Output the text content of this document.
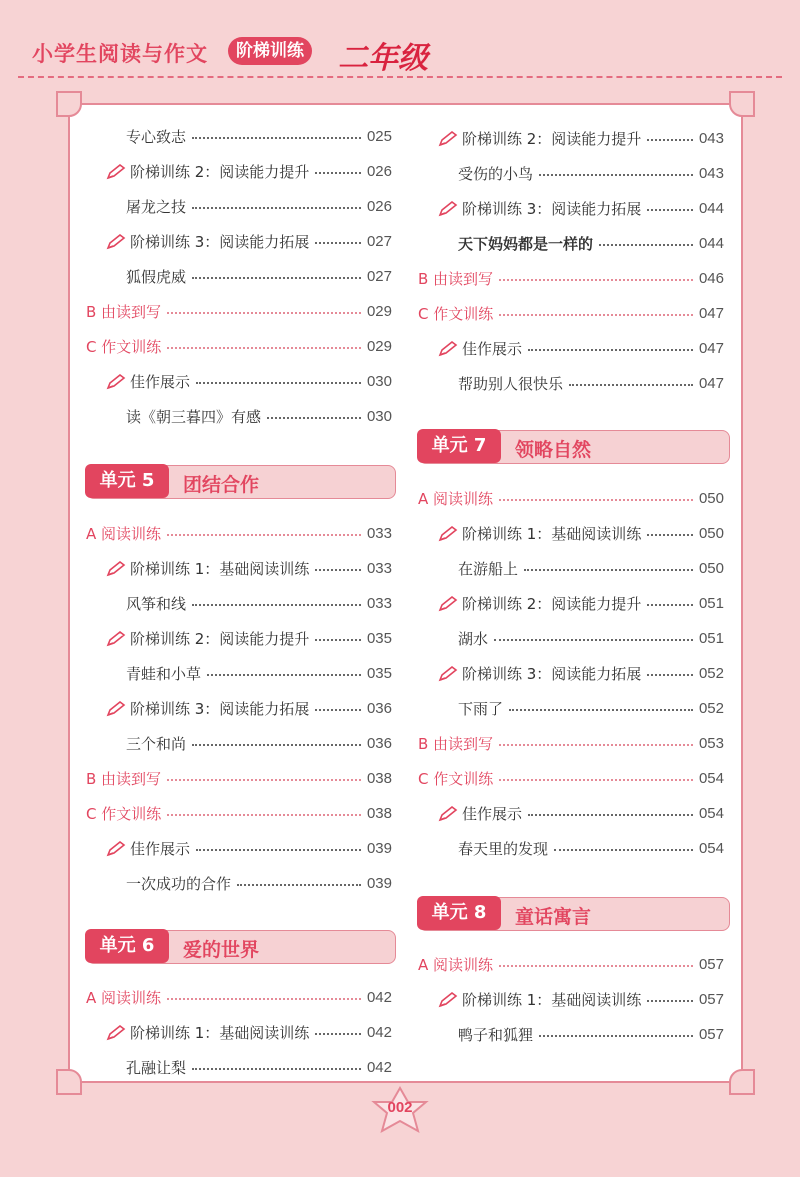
小学生阅读与作文	阶梯训练 二年级
专心致志	025
阶梯训练 2：阅读能力提升	026
屠龙之技	026
阶梯训练 3：阅读能力拓展	027
狐假虎威	027
B 由读到写	029
C 作文训练	029
佳作展示	030
读《朝三暮四》有感	030
单元 5	团结合作
A 阅读训练	033
阶梯训练 1：基础阅读训练	033
风筝和线	033
阶梯训练 2：阅读能力提升	035
青蛙和小草	035
阶梯训练 3：阅读能力拓展	036
三个和尚	036
B 由读到写	038
C 作文训练	038
佳作展示	039
一次成功的合作	039
单元 6	爱的世界
A 阅读训练	042
阶梯训练 1：基础阅读训练	042
孔融让梨	042
阶梯训练 2：阅读能力提升	043
受伤的小鸟	043
阶梯训练 3：阅读能力拓展	044
天下妈妈都是一样的	044
B 由读到写	046
C 作文训练	047
佳作展示	047
帮助别人很快乐	047
单元 7	领略自然
A 阅读训练	050
阶梯训练 1：基础阅读训练	050
在游船上	050
阶梯训练 2：阅读能力提升	051
湖水	051
阶梯训练 3：阅读能力拓展	052
下雨了	052
B 由读到写	053
C 作文训练	054
佳作展示	054
春天里的发现	054
单元 8	童话寓言
A 阅读训练	057
阶梯训练 1：基础阅读训练	057
鸭子和狐狸	057
002
